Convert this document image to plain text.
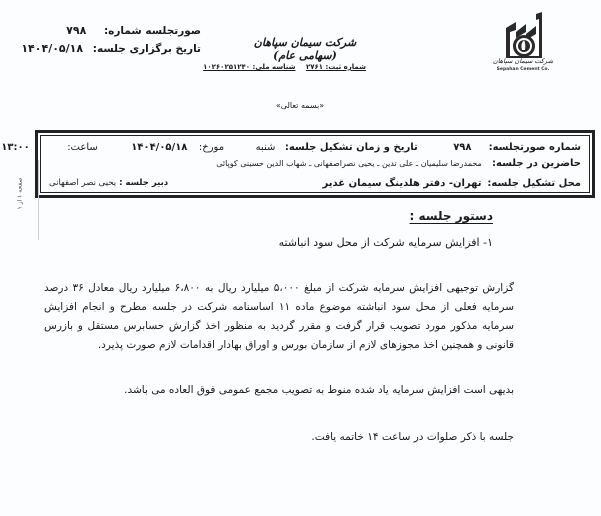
صورتجلسه شماره: ۷۹۸
تاریخ برگزاری جلسه: ۱۴۰۴/۰۵/۱۸	شرکت سیمان سپاهان (سهامی عام)
شماره ثبت: ۲۷۶۱ شناسه ملی: ۱۰۲۶۰۲۵۱۲۴۰
«بسمه تعالی»
شرکت سیمان سپاهان
Sepahan Cement Co.
شماره صورتجلسه: ۷۹۸ تاریخ و زمان تشکیل جلسه: شنبه مورخ: ۱۴۰۴/۰۵/۱۸ ساعت: ۱۳:۰۰
حاضرین در جلسه: محمدرضا سلیمیان ـ علی تدین ـ یحیی نصراصفهانی ـ شهاب الدین حسینی کوپائی
محل تشکیل جلسه: تهران- دفتر هلدینگ سیمان غدیر
دبیر جلسه : یحیی نصر اصفهانی
صفحه ۱ از ۱
دستور جلسه :
۱- افزایش سرمایه شرکت از محل سود انباشته
گزارش توجیهی افزایش سرمایه شرکت از مبلغ ۵،۰۰۰ میلیارد ریال به ۶،۸۰۰ میلیارد ریال معادل ۳۶ درصد سرمایه فعلی از محل سود انباشته موضوع ماده ۱۱ اساسنامه شرکت در جلسه مطرح و انجام افزایش سرمایه مذکور مورد تصویب قرار گرفت و مقرر گردید به منظور اخذ گزارش حسابرس مستقل و بازرس قانونی و همچنین اخذ مجوزهای لازم از سازمان بورس و اوراق بهادار اقدامات لازم صورت پذیرد.
بدیهی است افزایش سرمایه یاد شده منوط به تصویب مجمع عمومی فوق العاده می باشد.
جلسه با ذکر صلوات در ساعت ۱۴ خاتمه یافت.
